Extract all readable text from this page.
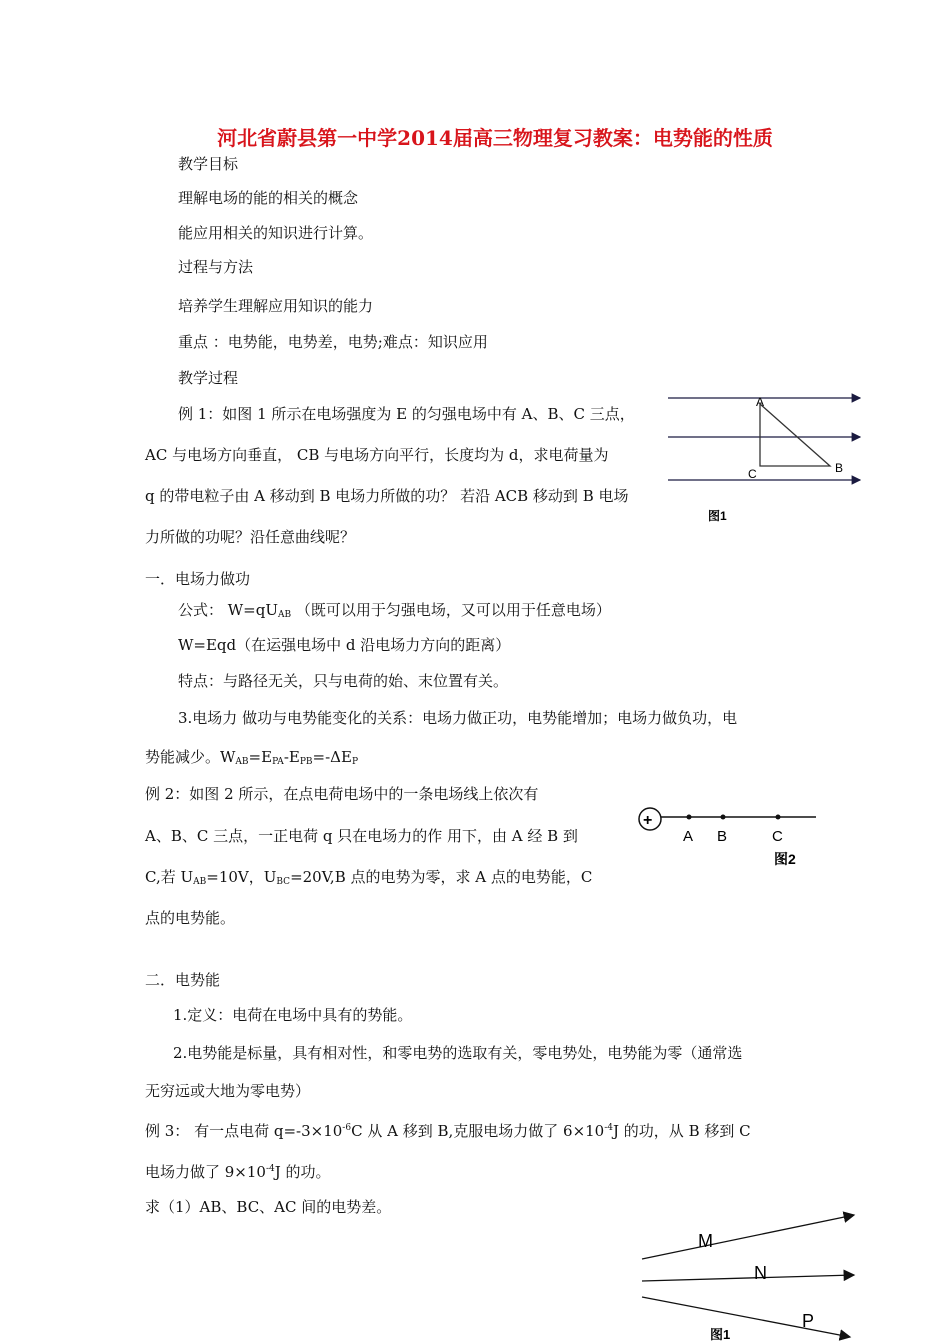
河北省蔚县第一中学2014届高三物理复习教案：电势能的性质
教学目标
理解电场的能的相关的概念
能应用相关的知识进行计算。
过程与方法
培养学生理解应用知识的能力
重点 ：电势能，电势差，电势;难点：知识应用
教学过程
例 1：如图 1 所示在电场强度为 E 的匀强电场中有 A、B、C 三点，
AC 与电场方向垂直， CB 与电场方向平行，长度均为 d，求电荷量为
q 的带电粒子由 A 移动到 B 电场力所做的功？ 若沿 ACB 移动到 B 电场
力所做的功呢？沿任意曲线呢？
A
C	B
图1
一．电场力做功
公式： $W=qU_{AB}$ （既可以用于匀强电场，又可以用于任意电场）
W=Eqd（在运强电场中 d 沿电场力方向的距离）
特点：与路径无关，只与电荷的始、末位置有关。
3.电场力 做功与电势能变化的关系：电场力做正功，电势能增加；电场力做负功，电
势能减少。$W_{AB}=E_{PA}-E_{PB}=-\Delta E_P$
例 2：如图 2 所示，在点电荷电场中的一条电场线上依次有
A、B、C 三点，一正电荷 q 只在电场力的作 用下，由 A 经 B 到
C,若 $U_{AB}=10V$，$U_{BC}=20V,B$ 点的电势为零，求 A 点的电势能，C
点的电势能。
+
A B	C
图2
二．电势能
1.定义：电荷在电场中具有的势能。
2.电势能是标量，具有相对性，和零电势的选取有关，零电势处，电势能为零（通常选
无穷远或大地为零电势）
例 3： 有一点电荷 $q=-3\times 10^{-6}C$ 从 A 移到 B,克服电场力做了 $6\times 10^{-4}J$ 的功，从 B 移到 C
电场力做了 $9\times 10^{-4}J$ 的功。
求（1）AB、BC、AC 间的电势差。
M
N
P
图1
